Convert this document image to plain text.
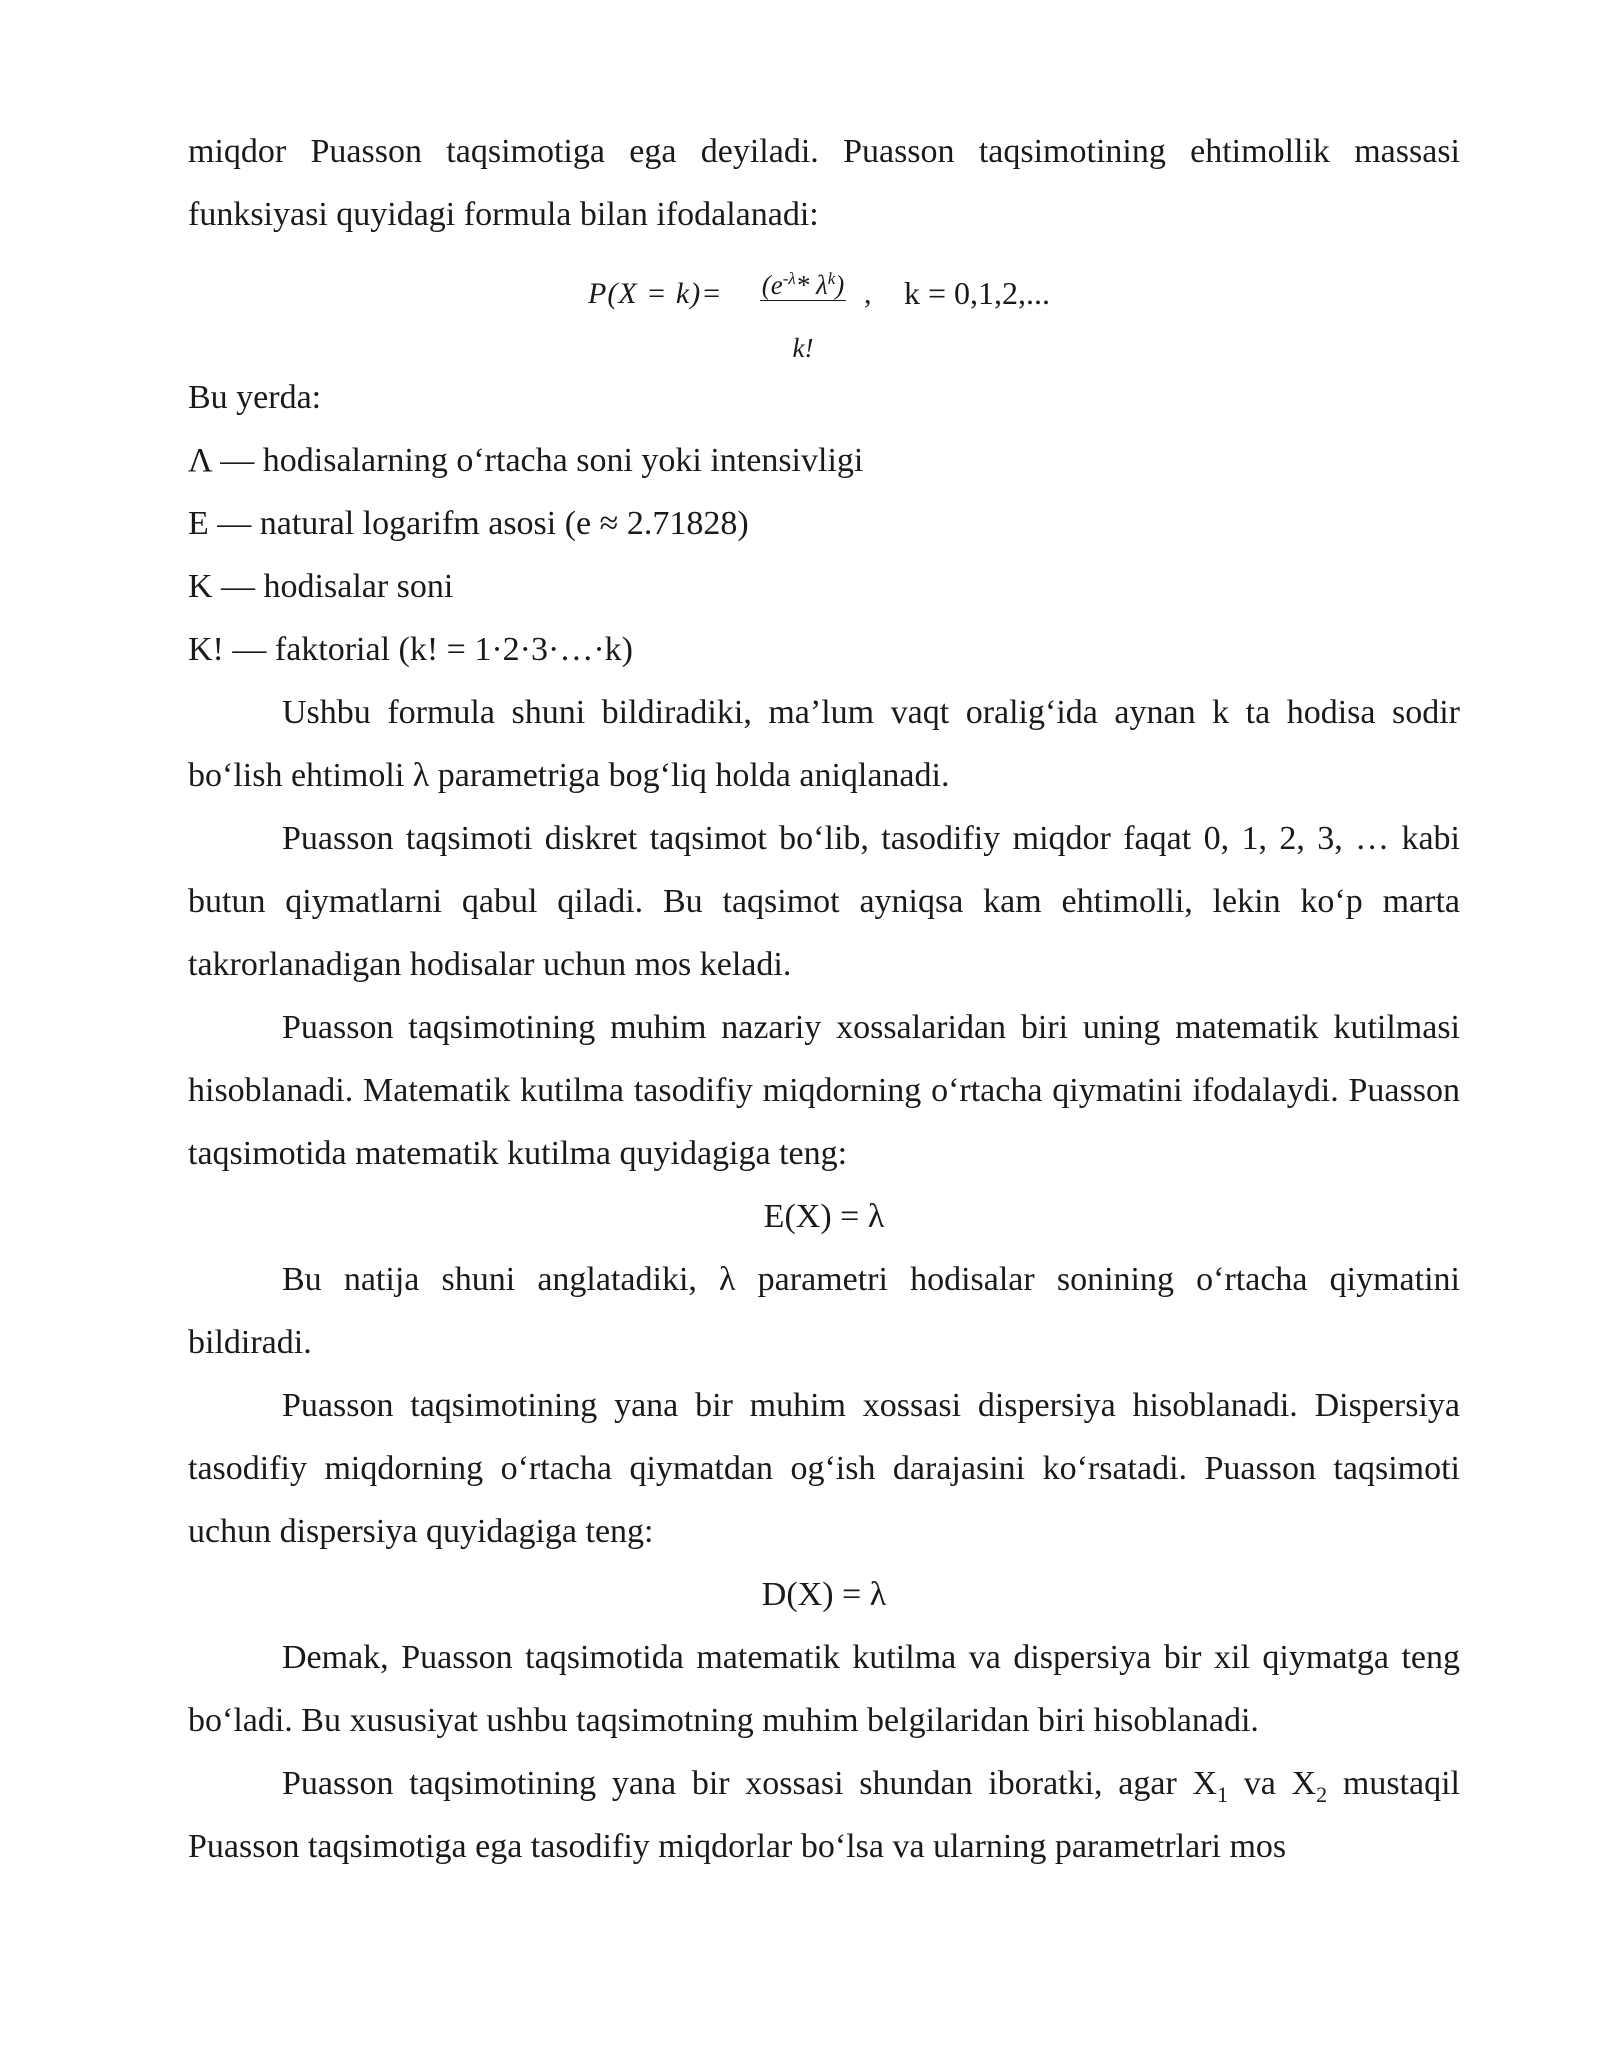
miqdor Puasson taqsimotiga ega deyiladi. Puasson taqsimotining ehtimollik massasi funksiyasi quyidagi formula bilan ifodalanadi:

$P(X = k)= \frac{(e^{-\lambda}* \lambda^k)}{k!}$ , k = 0,1,2,...

Bu yerda:

Λ — hodisalarning oʻrtacha soni yoki intensivligi

E — natural logarifm asosi (e ≈ 2.71828)

K — hodisalar soni

K! — faktorial (k! = 1·2·3·…·k)

Ushbu formula shuni bildiradiki, maʼlum vaqt oraligʻida aynan k ta hodisa sodir boʻlish ehtimoli λ parametriga bogʻliq holda aniqlanadi.

Puasson taqsimoti diskret taqsimot boʻlib, tasodifiy miqdor faqat 0, 1, 2, 3, … kabi butun qiymatlarni qabul qiladi. Bu taqsimot ayniqsa kam ehtimolli, lekin koʻp marta takrorlanadigan hodisalar uchun mos keladi.

Puasson taqsimotining muhim nazariy xossalaridan biri uning matematik kutilmasi hisoblanadi. Matematik kutilma tasodifiy miqdorning oʻrtacha qiymatini ifodalaydi. Puasson taqsimotida matematik kutilma quyidagiga teng:

E(X) = λ

Bu natija shuni anglatadiki, λ parametri hodisalar sonining oʻrtacha qiymatini bildiradi.

Puasson taqsimotining yana bir muhim xossasi dispersiya hisoblanadi. Dispersiya tasodifiy miqdorning oʻrtacha qiymatdan ogʻish darajasini koʻrsatadi. Puasson taqsimoti uchun dispersiya quyidagiga teng:

D(X) = λ

Demak, Puasson taqsimotida matematik kutilma va dispersiya bir xil qiymatga teng boʻladi. Bu xususiyat ushbu taqsimotning muhim belgilaridan biri hisoblanadi.

Puasson taqsimotining yana bir xossasi shundan iboratki, agar $X_1$ va $X_2$ mustaqil Puasson taqsimotiga ega tasodifiy miqdorlar boʻlsa va ularning parametrlari mos
